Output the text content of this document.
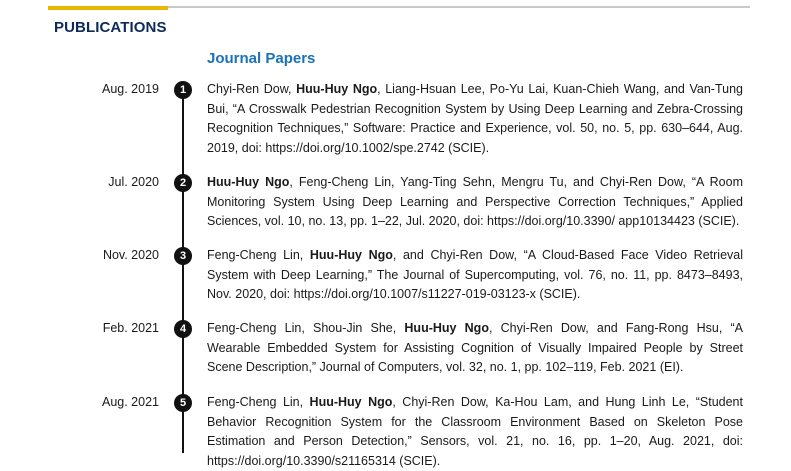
PUBLICATIONS
Journal Papers
Aug. 2019	1	Chyi-Ren Dow, Huu-Huy Ngo, Liang-Hsuan Lee, Po-Yu Lai, Kuan-Chieh Wang, and Van-Tung Bui, “A Crosswalk Pedestrian Recognition System by Using Deep Learning and Zebra-Crossing Recognition Techniques,” Software: Practice and Experience, vol. 50, no. 5, pp. 630–644, Aug. 2019, doi: https://doi.org/10.1002/spe.2742 (SCIE).
Jul. 2020	2	Huu-Huy Ngo, Feng-Cheng Lin, Yang-Ting Sehn, Mengru Tu, and Chyi-Ren Dow, “A Room Monitoring System Using Deep Learning and Perspective Correction Techniques,” Applied Sciences, vol. 10, no. 13, pp. 1–22, Jul. 2020, doi: https://doi.org/10.3390/ app10134423 (SCIE).
Nov. 2020	3	Feng-Cheng Lin, Huu-Huy Ngo, and Chyi-Ren Dow, “A Cloud-Based Face Video Retrieval System with Deep Learning,” The Journal of Supercomputing, vol. 76, no. 11, pp. 8473–8493, Nov. 2020, doi: https://doi.org/10.1007/s11227-019-03123-x (SCIE).
Feb. 2021	4	Feng-Cheng Lin, Shou-Jin She, Huu-Huy Ngo, Chyi-Ren Dow, and Fang-Rong Hsu, “A Wearable Embedded System for Assisting Cognition of Visually Impaired People by Street Scene Description,” Journal of Computers, vol. 32, no. 1, pp. 102–119, Feb. 2021 (EI).
Aug. 2021	5	Feng-Cheng Lin, Huu-Huy Ngo, Chyi-Ren Dow, Ka-Hou Lam, and Hung Linh Le, “Student Behavior Recognition System for the Classroom Environment Based on Skeleton Pose Estimation and Person Detection,” Sensors, vol. 21, no. 16, pp. 1–20, Aug. 2021, doi: https://doi.org/10.3390/s21165314 (SCIE).
